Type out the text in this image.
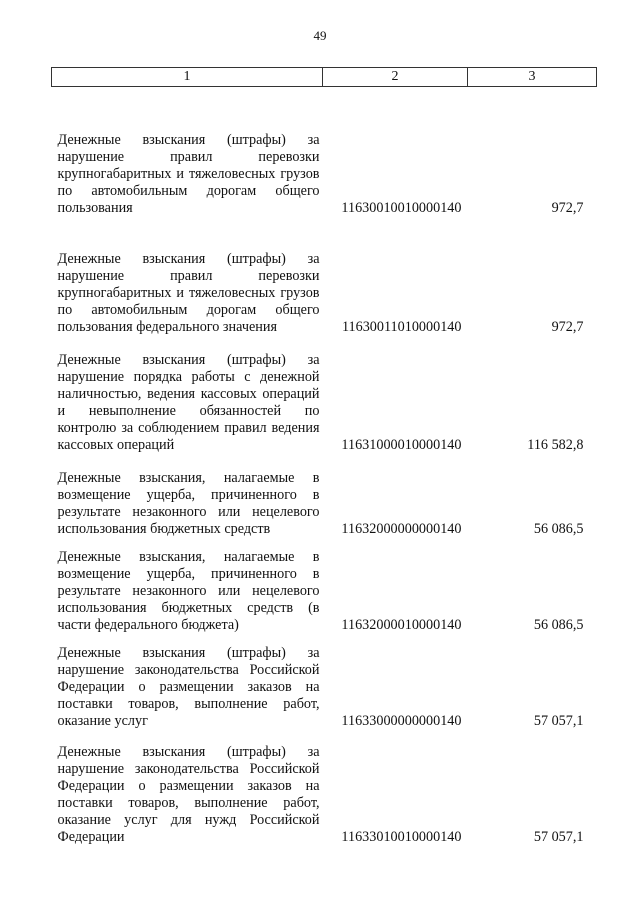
49
1	2	3
Денежные взыскания (штрафы) за нарушение правил перевозки крупногабаритных и тяжеловесных грузов по автомобильным дорогам общего пользования	11630010010000140	972,7
Денежные взыскания (штрафы) за нарушение правил перевозки крупногабаритных и тяжеловесных грузов по автомобильным дорогам общего пользования федерального значения	11630011010000140	972,7
Денежные взыскания (штрафы) за нарушение порядка работы с денежной наличностью, ведения кассовых операций и невыполнение обязанностей по контролю за соблюдением правил ведения кассовых операций	11631000010000140	116 582,8
Денежные взыскания, налагаемые в возмещение ущерба, причиненного в результате незаконного или нецелевого использования бюджетных средств	11632000000000140	56 086,5
Денежные взыскания, налагаемые в возмещение ущерба, причиненного в результате незаконного или нецелевого использования бюджетных средств (в части федерального бюджета)	11632000010000140	56 086,5
Денежные взыскания (штрафы) за нарушение законодательства Российской Федерации о размещении заказов на поставки товаров, выполнение работ, оказание услуг	11633000000000140	57 057,1
Денежные взыскания (штрафы) за нарушение законодательства Российской Федерации о размещении заказов на поставки товаров, выполнение работ, оказание услуг для нужд Российской Федерации	11633010010000140	57 057,1
